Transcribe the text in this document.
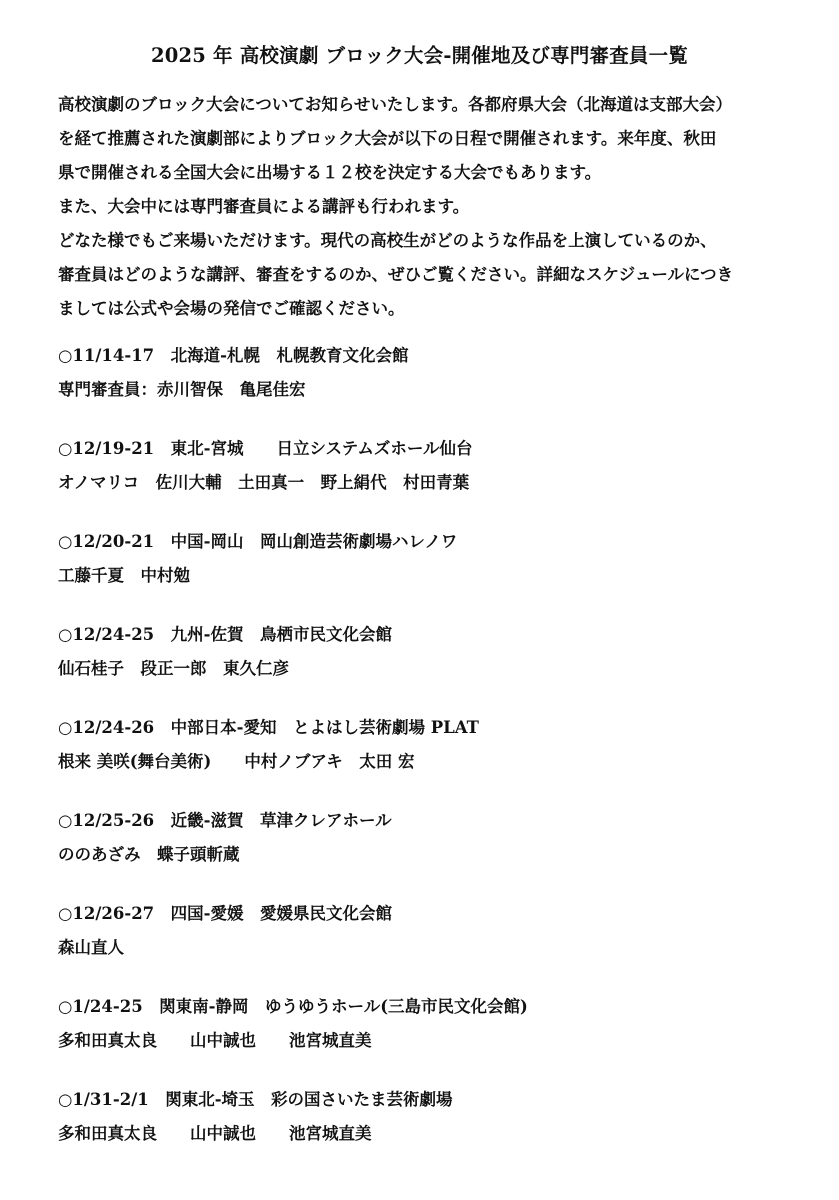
2025 年 高校演劇 ブロック大会-開催地及び専門審査員一覧
高校演劇のブロック大会についてお知らせいたします。各都府県大会（北海道は支部大会）
を経て推薦された演劇部によりブロック大会が以下の日程で開催されます。来年度、秋田
県で開催される全国大会に出場する１２校を決定する大会でもあります。
また、大会中には専門審査員による講評も行われます。
どなた様でもご来場いただけます。現代の高校生がどのような作品を上演しているのか、
審査員はどのような講評、審査をするのか、ぜひご覧ください。詳細なスケジュールにつき
ましては公式や会場の発信でご確認ください。
○11/14-17　北海道-札幌　札幌教育文化会館
専門審査員：赤川智保　亀尾佳宏
○12/19-21　東北-宮城　　日立システムズホール仙台
オノマリコ　佐川大輔　土田真一　野上絹代　村田青葉
○12/20-21　中国-岡山　岡山創造芸術劇場ハレノワ
工藤千夏　中村勉
○12/24-25　九州-佐賀　鳥栖市民文化会館
仙石桂子　段正一郎　東久仁彦
○12/24-26　中部日本-愛知　とよはし芸術劇場 PLAT
根来 美咲(舞台美術)　　中村ノブアキ　太田 宏
○12/25-26　近畿-滋賀　草津クレアホール
ののあざみ　蝶子頭斬蔵
○12/26-27　四国-愛媛　愛媛県民文化会館
森山直人
○1/24-25　関東南-静岡　ゆうゆうホール(三島市民文化会館)
多和田真太良　　山中誠也　　池宮城直美
○1/31-2/1　関東北-埼玉　彩の国さいたま芸術劇場
多和田真太良　　山中誠也　　池宮城直美
